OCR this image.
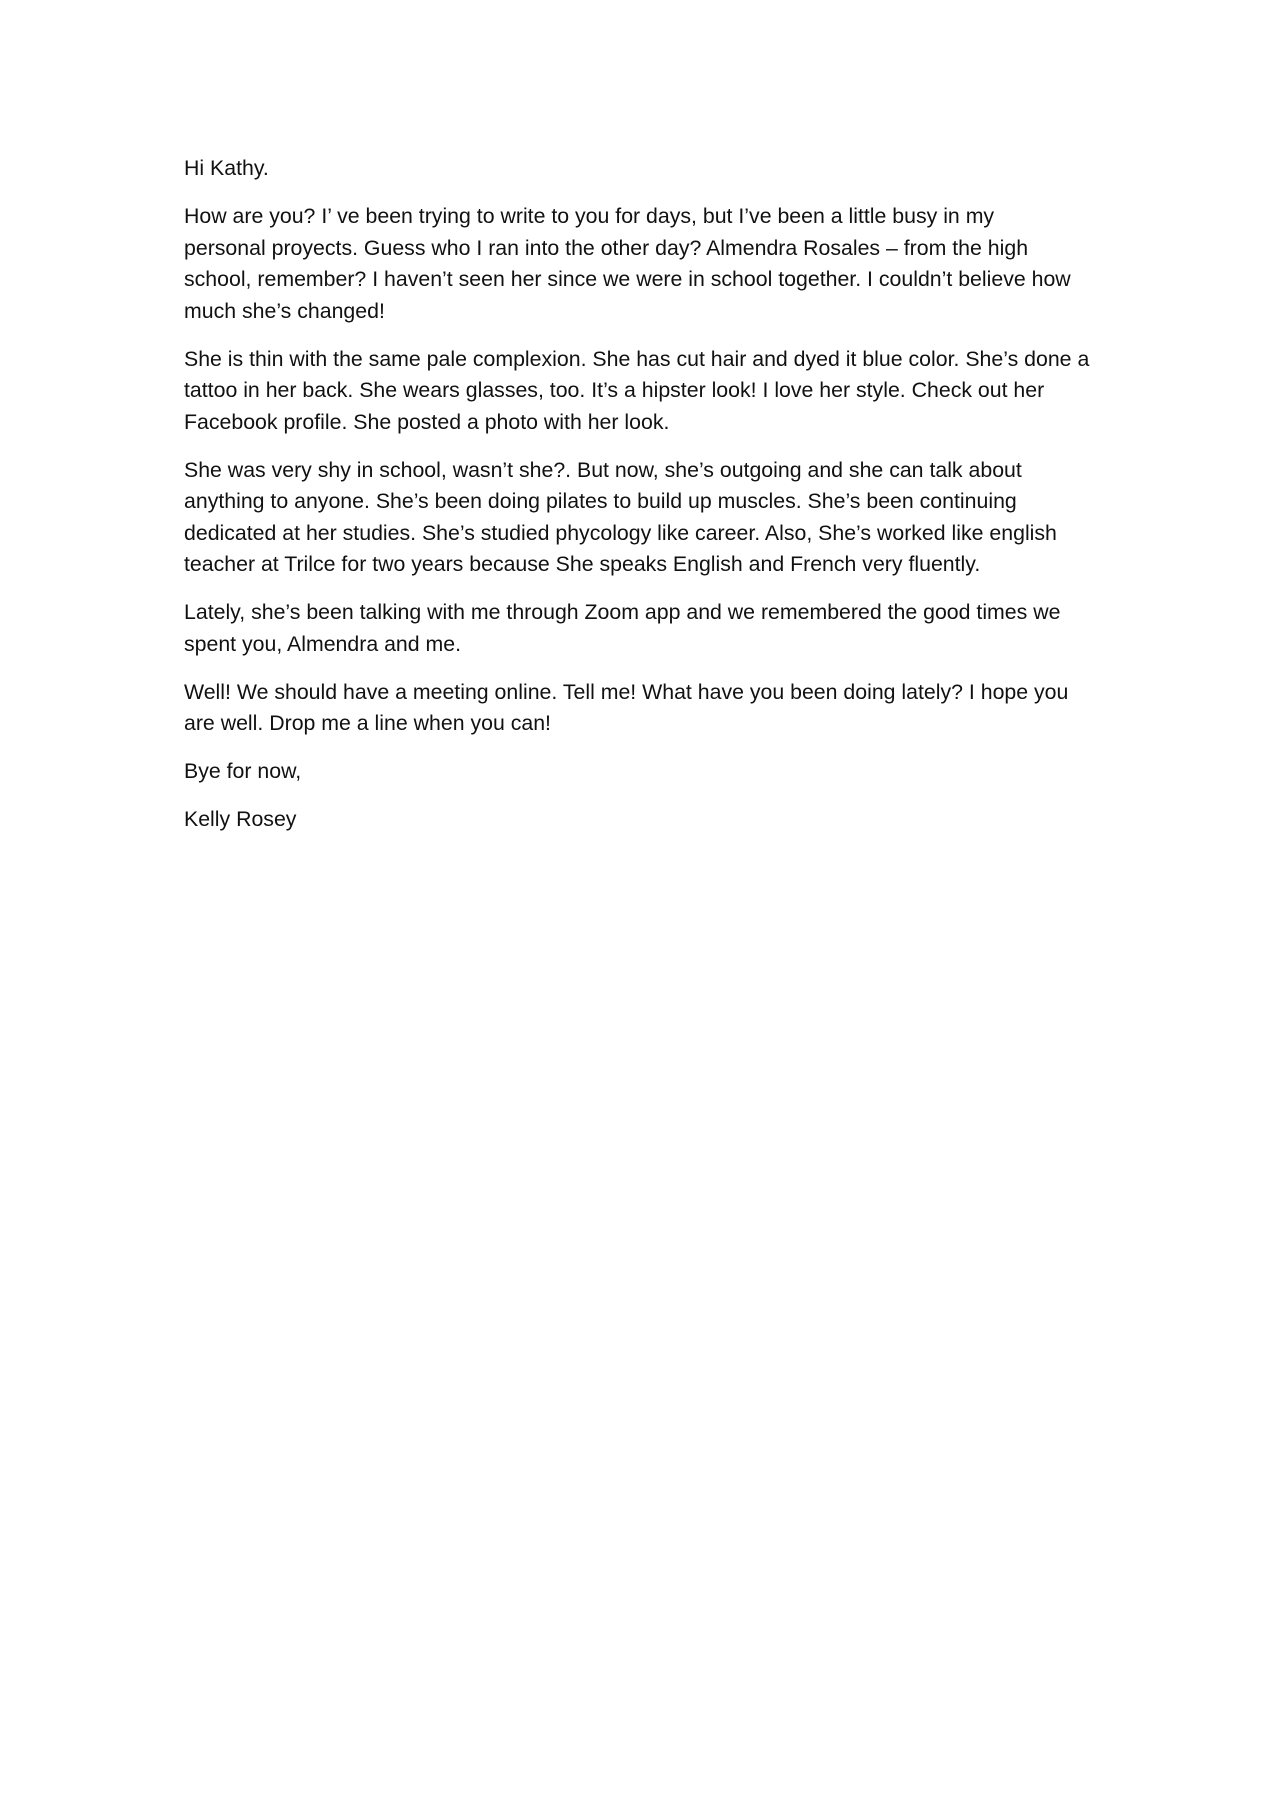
Hi Kathy.

How are you? I’ ve been trying to write to you for days, but I’ve been a little busy in my
personal proyects. Guess who I ran into the other day? Almendra Rosales – from the high
school, remember? I haven’t seen her since we were in school together. I couldn’t believe how
much she’s changed!

She is thin with the same pale complexion. She has cut hair and dyed it blue color. She’s done a
tattoo in her back. She wears glasses, too. It’s a hipster look! I love her style. Check out her
Facebook profile. She posted a photo with her look.

She was very shy in school, wasn’t she?. But now, she’s outgoing and she can talk about
anything to anyone. She’s been doing pilates to build up muscles. She’s been continuing
dedicated at her studies. She’s studied phycology like career. Also, She’s worked like english
teacher at Trilce for two years because She speaks English and French very fluently.

Lately, she’s been talking with me through Zoom app and we remembered the good times we
spent you, Almendra and me.

Well! We should have a meeting online. Tell me! What have you been doing lately? I hope you
are well. Drop me a line when you can!

Bye for now,

Kelly Rosey
